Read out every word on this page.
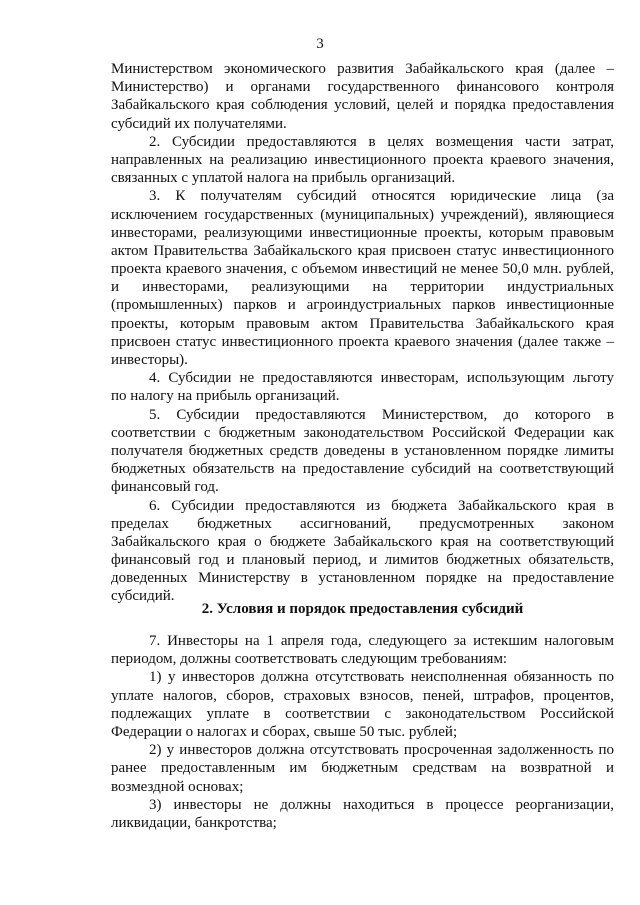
3
Министерством экономического развития Забайкальского края (далее –
Министерство) и органами государственного финансового контроля
Забайкальского края соблюдения условий, целей и порядка предоставления
субсидий их получателями.
2. Субсидии предоставляются в целях возмещения части затрат,
направленных на реализацию инвестиционного проекта краевого значения,
связанных с уплатой налога на прибыль организаций.
3. К получателям субсидий относятся юридические лица (за
исключением государственных (муниципальных) учреждений), являющиеся
инвесторами, реализующими инвестиционные проекты, которым правовым
актом Правительства Забайкальского края присвоен статус инвестиционного
проекта краевого значения, с объемом инвестиций не менее 50,0 млн. рублей,
и инвесторами, реализующими на территории индустриальных
(промышленных) парков и агроиндустриальных парков инвестиционные
проекты, которым правовым актом Правительства Забайкальского края
присвоен статус инвестиционного проекта краевого значения (далее также –
инвесторы).
4. Субсидии не предоставляются инвесторам, использующим льготу
по налогу на прибыль организаций.
5. Субсидии предоставляются Министерством, до которого в
соответствии с бюджетным законодательством Российской Федерации как
получателя бюджетных средств доведены в установленном порядке лимиты
бюджетных обязательств на предоставление субсидий на соответствующий
финансовый год.
6. Субсидии предоставляются из бюджета Забайкальского края в
пределах бюджетных ассигнований, предусмотренных законом
Забайкальского края о бюджете Забайкальского края на соответствующий
финансовый год и плановый период, и лимитов бюджетных обязательств,
доведенных Министерству в установленном порядке на предоставление
субсидий.
2. Условия и порядок предоставления субсидий
7. Инвесторы на 1 апреля года, следующего за истекшим налоговым
периодом, должны соответствовать следующим требованиям:
1) у инвесторов должна отсутствовать неисполненная обязанность по
уплате налогов, сборов, страховых взносов, пеней, штрафов, процентов,
подлежащих уплате в соответствии с законодательством Российской
Федерации о налогах и сборах, свыше 50 тыс. рублей;
2) у инвесторов должна отсутствовать просроченная задолженность по
ранее предоставленным им бюджетным средствам на возвратной и
возмездной основах;
3) инвесторы не должны находиться в процессе реорганизации,
ликвидации, банкротства;
